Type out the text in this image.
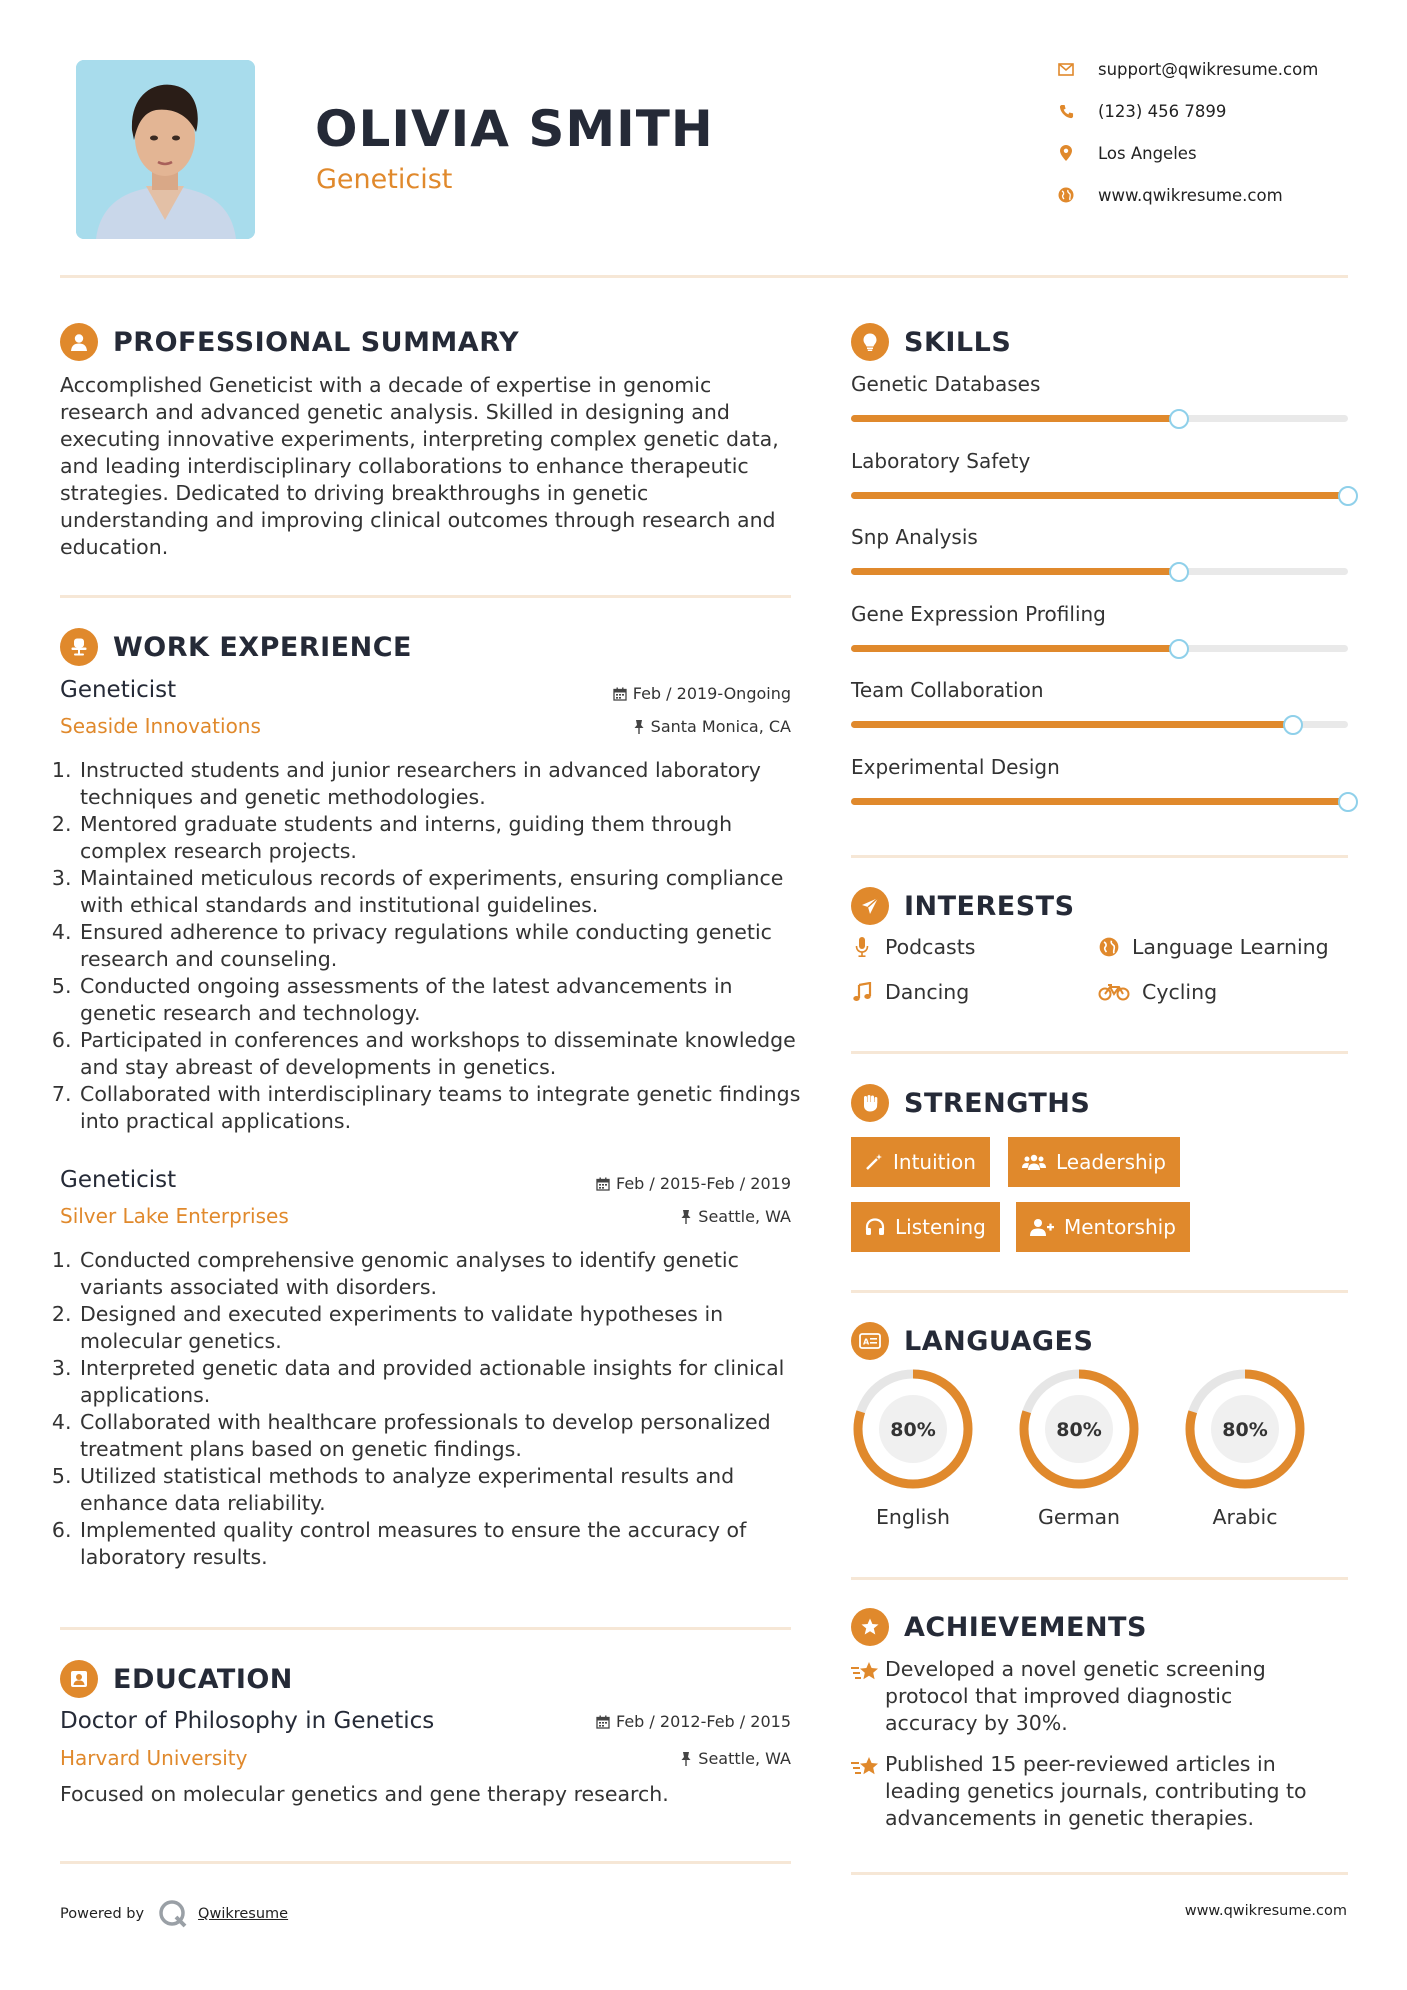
OLIVIA SMITH
Geneticist
support@qwikresume.com
(123) 456 7899
Los Angeles
www.qwikresume.com
PROFESSIONAL SUMMARY
Accomplished Geneticist with a decade of expertise in genomic research and advanced genetic analysis. Skilled in designing and executing innovative experiments, interpreting complex genetic data, and leading interdisciplinary collaborations to enhance therapeutic strategies. Dedicated to driving breakthroughs in genetic understanding and improving clinical outcomes through research and education.
WORK EXPERIENCE
Geneticist	Feb / 2019-Ongoing
Seaside Innovations	Santa Monica, CA
1. Instructed students and junior researchers in advanced laboratory techniques and genetic methodologies.
2. Mentored graduate students and interns, guiding them through complex research projects.
3. Maintained meticulous records of experiments, ensuring compliance with ethical standards and institutional guidelines.
4. Ensured adherence to privacy regulations while conducting genetic research and counseling.
5. Conducted ongoing assessments of the latest advancements in genetic research and technology.
6. Participated in conferences and workshops to disseminate knowledge and stay abreast of developments in genetics.
7. Collaborated with interdisciplinary teams to integrate genetic findings into practical applications.
Geneticist	Feb / 2015-Feb / 2019
Silver Lake Enterprises	Seattle, WA
1. Conducted comprehensive genomic analyses to identify genetic variants associated with disorders.
2. Designed and executed experiments to validate hypotheses in molecular genetics.
3. Interpreted genetic data and provided actionable insights for clinical applications.
4. Collaborated with healthcare professionals to develop personalized treatment plans based on genetic findings.
5. Utilized statistical methods to analyze experimental results and enhance data reliability.
6. Implemented quality control measures to ensure the accuracy of laboratory results.
EDUCATION
Doctor of Philosophy in Genetics	Feb / 2012-Feb / 2015
Harvard University	Seattle, WA
Focused on molecular genetics and gene therapy research.
SKILLS
Genetic Databases
Laboratory Safety
Snp Analysis
Gene Expression Profiling
Team Collaboration
Experimental Design
INTERESTS
Podcasts	Language Learning
Dancing	Cycling
STRENGTHS
Intuition	Leadership
Listening	Mentorship
A LANGUAGES
80%
English
80%
German
80%
Arabic
ACHIEVEMENTS
Developed a novel genetic screening protocol that improved diagnostic accuracy by 30%.
Published 15 peer-reviewed articles in leading genetics journals, contributing to advancements in genetic therapies.
Powered by	Qwikresume	www.qwikresume.com
